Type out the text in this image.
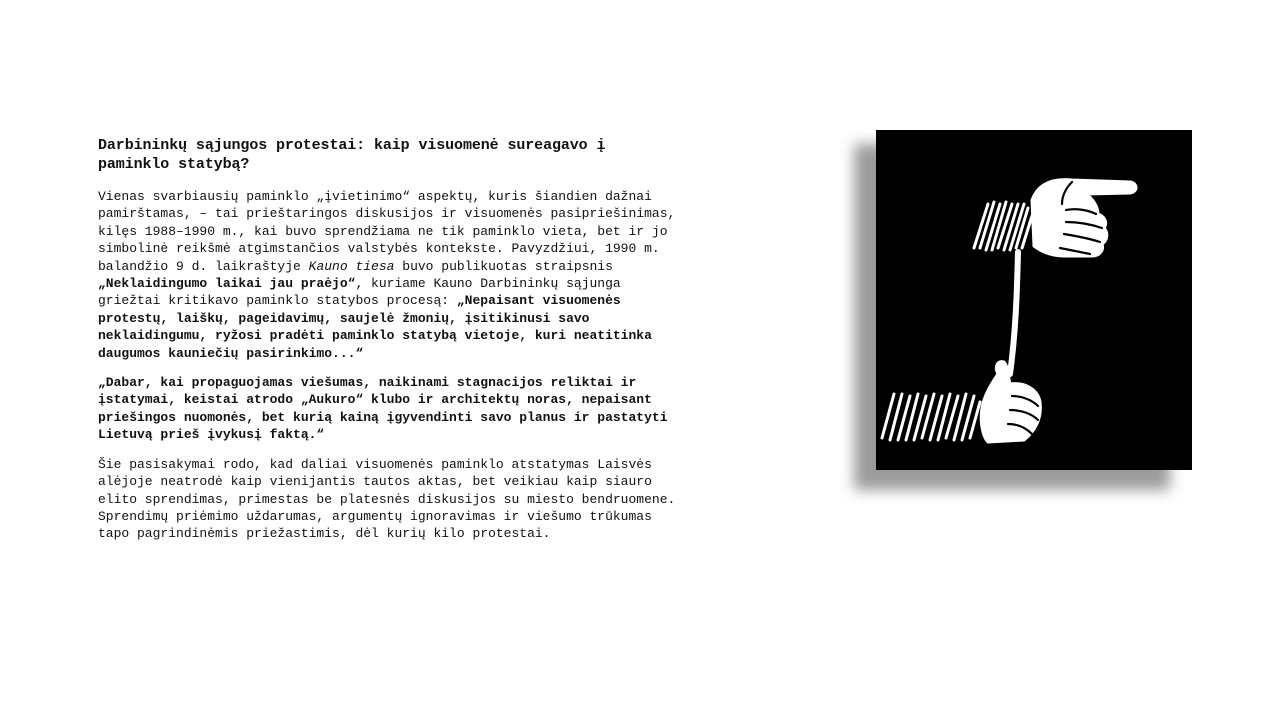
Darbininkų sąjungos protestai: kaip visuomenė sureagavo į paminklo statybą?

Vienas svarbiausių paminklo „įvietinimo“ aspektų, kuris šiandien dažnai pamirštamas, – tai prieštaringos diskusijos ir visuomenės pasipriešinimas, kilęs 1988–1990 m., kai buvo sprendžiama ne tik paminklo vieta, bet ir jo simbolinė reikšmė atgimstančios valstybės kontekste. Pavyzdžiui, 1990 m. balandžio 9 d. laikraštyje Kauno tiesa buvo publikuotas straipsnis „Neklaidingumo laikai jau praėjo“, kuriame Kauno Darbininkų sąjunga griežtai kritikavo paminklo statybos procesą: „Nepaisant visuomenės protestų, laiškų, pageidavimų, saujelė žmonių, įsitikinusi savo neklaidingumu, ryžosi pradėti paminklo statybą vietoje, kuri neatitinka daugumos kauniečių pasirinkimo...“

„Dabar, kai propaguojamas viešumas, naikinami stagnacijos reliktai ir įstatymai, keistai atrodo „Aukuro“ klubo ir architektų noras, nepaisant priešingos nuomonės, bet kurią kainą įgyvendinti savo planus ir pastatyti Lietuvą prieš įvykusį faktą.“

Šie pasisakymai rodo, kad daliai visuomenės paminklo atstatymas Laisvės alėjoje neatrodė kaip vienijantis tautos aktas, bet veikiau kaip siauro elito sprendimas, primestas be platesnės diskusijos su miesto bendruomene. Sprendimų priėmimo uždarumas, argumentų ignoravimas ir viešumo trūkumas tapo pagrindinėmis priežastimis, dėl kurių kilo protestai.
